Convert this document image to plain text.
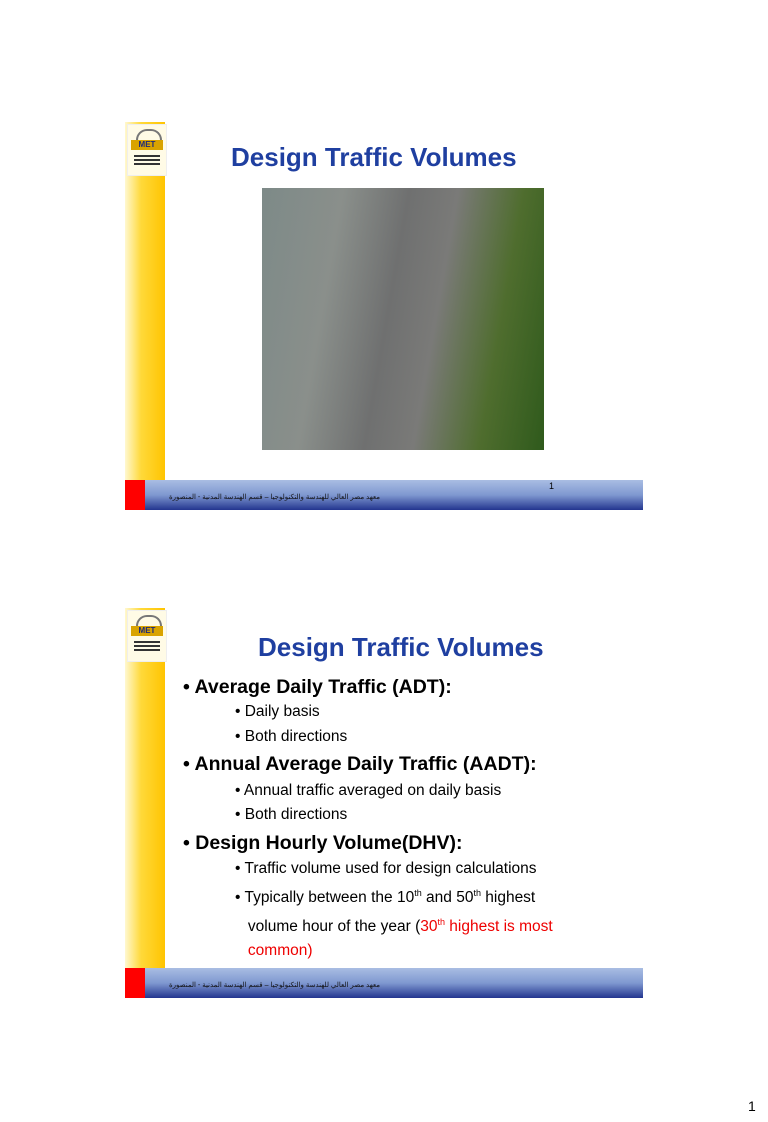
MET	Design Traffic Volumes
1
معهد مصر العالي للهندسة والتكنولوجيا – قسم الهندسة المدنية - المنصورة
MET
Design Traffic Volumes
• Average Daily Traffic (ADT):
• Daily basis
• Both directions
• Annual Average Daily Traffic (AADT):
• Annual traffic averaged on daily basis
• Both directions
• Design Hourly Volume(DHV):
• Traffic volume used for design calculations
• Typically between the 10th and 50th highest
volume hour of the year (30th highest is most
common)
معهد مصر العالي للهندسة والتكنولوجيا – قسم الهندسة المدنية - المنصورة
1
